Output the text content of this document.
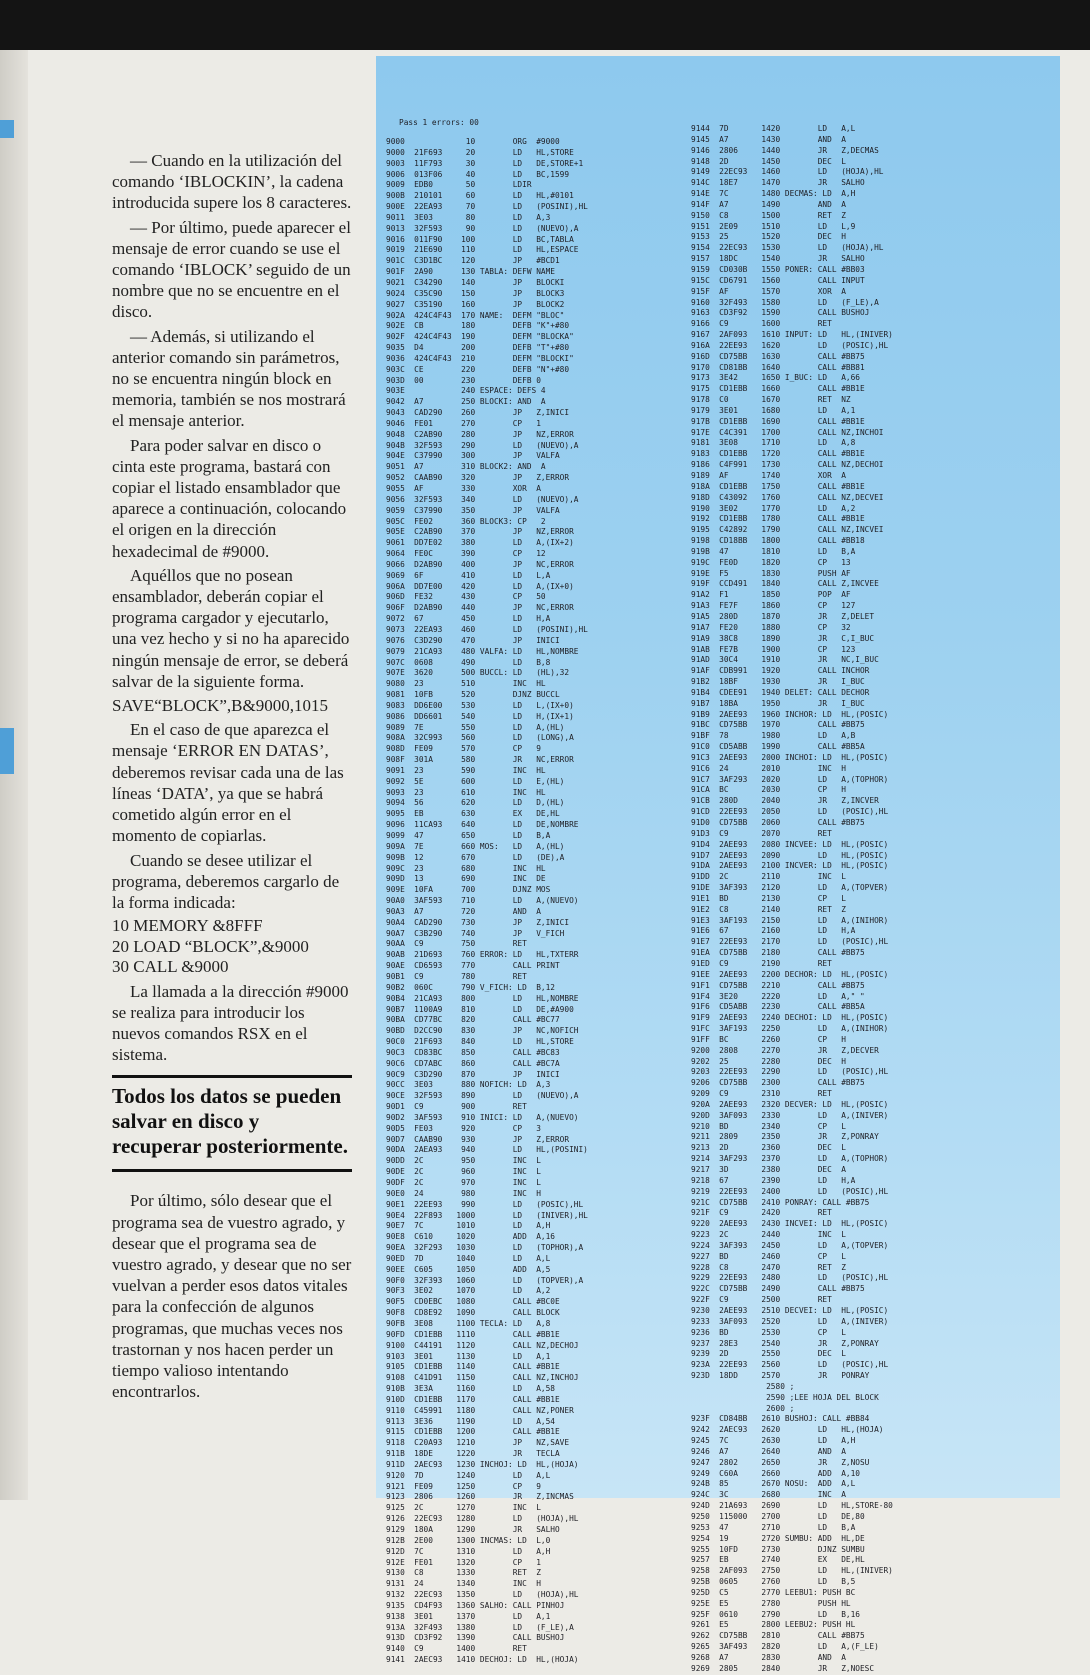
— Cuando en la utilización del comando ‘IBLOCKIN’, la cadena introducida supere los 8 caracteres.

— Por último, puede aparecer el mensaje de error cuando se use el comando ‘IBLOCK’ seguido de un nombre que no se encuentre en el disco.

— Además, si utilizando el anterior comando sin parámetros, no se encuentra ningún block en memoria, también se nos mostrará el mensaje anterior.

Para poder salvar en disco o cinta este programa, bastará con copiar el listado ensamblador que aparece a continuación, colocando el origen en la dirección hexadecimal de #9000.

Aquéllos que no posean ensamblador, deberán copiar el programa cargador y ejecutarlo, una vez hecho y si no ha aparecido ningún mensaje de error, se deberá salvar de la siguiente forma.

SAVE“BLOCK”,B&9000,1015

En el caso de que aparezca el mensaje ‘ERROR EN DATAS’, deberemos revisar cada una de las líneas ‘DATA’, ya que se habrá cometido algún error en el momento de copiarlas.

Cuando se desee utilizar el programa, deberemos cargarlo de la forma indicada:

10 MEMORY &8FFF
20 LOAD “BLOCK”,&9000
30 CALL &9000

La llamada a la dirección #9000 se realiza para introducir los nuevos comandos RSX en el sistema.

Todos los datos se pueden salvar en disco y recuperar posteriormente.

Por último, sólo desear que el programa sea de vuestro agrado, y desear que el programa sea de vuestro agrado, y desear que no ser vuelvan a perder esos datos vitales para la confección de algunos programas, que muchas veces nos trastornan y nos hacen perder un tiempo valioso intentando encontrarlos.

Pass 1 errors: 00
9000             10        ORG  #9000
9000  21F693     20        LD   HL,STORE
9003  11F793     30        LD   DE,STORE+1
9006  013F06     40        LD   BC,1599
9009  EDB0       50        LDIR
900B  210101     60        LD   HL,#0101
900E  22EA93     70        LD   (POSINI),HL
9011  3E03       80        LD   A,3
9013  32F593     90        LD   (NUEVO),A
9016  011F90    100        LD   BC,TABLA
9019  21E690    110        LD   HL,ESPACE
901C  C3D1BC    120        JP   #BCD1
901F  2A90      130 TABLA: DEFW NAME
9021  C34290    140        JP   BLOCKI
9024  C35C90    150        JP   BLOCK3
9027  C35190    160        JP   BLOCK2
902A  424C4F43  170 NAME:  DEFM "BLOC"
902E  CB        180        DEFB "K"+#80
902F  424C4F43  190        DEFM "BLOCKA"
9035  D4        200        DEFB "T"+#80
9036  424C4F43  210        DEFM "BLOCKI"
903C  CE        220        DEFB "N"+#80
903D  00        230        DEFB 0
903E            240 ESPACE: DEFS 4
9042  A7        250 BLOCKI: AND  A
9043  CAD290    260        JP   Z,INICI
9046  FE01      270        CP   1
9048  C2AB90    280        JP   NZ,ERROR
904B  32F593    290        LD   (NUEVO),A
904E  C37990    300        JP   VALFA
9051  A7        310 BLOCK2: AND  A
9052  CAAB90    320        JP   Z,ERROR
9055  AF        330        XOR  A
9056  32F593    340        LD   (NUEVO),A
9059  C37990    350        JP   VALFA
905C  FE02      360 BLOCK3: CP   2
905E  C2AB90    370        JP   NZ,ERROR
9061  DD7E02    380        LD   A,(IX+2)
9064  FE0C      390        CP   12
9066  D2AB90    400        JP   NC,ERROR
9069  6F        410        LD   L,A
906A  DD7E00    420        LD   A,(IX+0)
906D  FE32      430        CP   50
906F  D2AB90    440        JP   NC,ERROR
9072  67        450        LD   H,A
9073  22EA93    460        LD   (POSINI),HL
9076  C3D290    470        JP   INICI
9079  21CA93    480 VALFA: LD   HL,NOMBRE
907C  0608      490        LD   B,8
907E  3620      500 BUCCL: LD   (HL),32
9080  23        510        INC  HL
9081  10FB      520        DJNZ BUCCL
9083  DD6E00    530        LD   L,(IX+0)
9086  DD6601    540        LD   H,(IX+1)
9089  7E        550        LD   A,(HL)
908A  32C993    560        LD   (LONG),A
908D  FE09      570        CP   9
908F  301A      580        JR   NC,ERROR
9091  23        590        INC  HL
9092  5E        600        LD   E,(HL)
9093  23        610        INC  HL
9094  56        620        LD   D,(HL)
9095  EB        630        EX   DE,HL
9096  11CA93    640        LD   DE,NOMBRE
9099  47        650        LD   B,A
909A  7E        660 MOS:   LD   A,(HL)
909B  12        670        LD   (DE),A
909C  23        680        INC  HL
909D  13        690        INC  DE
909E  10FA      700        DJNZ MOS
90A0  3AF593    710        LD   A,(NUEVO)
90A3  A7        720        AND  A
90A4  CAD290    730        JP   Z,INICI
90A7  C3B290    740        JP   V_FICH
90AA  C9        750        RET
90AB  21D693    760 ERROR: LD   HL,TXTERR
90AE  CD6593    770        CALL PRINT
90B1  C9        780        RET
90B2  060C      790 V_FICH: LD  B,12
90B4  21CA93    800        LD   HL,NOMBRE
90B7  1100A9    810        LD   DE,#A900
90BA  CD77BC    820        CALL #BC77
90BD  D2CC90    830        JP   NC,NOFICH
90C0  21F693    840        LD   HL,STORE
90C3  CD83BC    850        CALL #BC83
90C6  CD7ABC    860        CALL #BC7A
90C9  C3D290    870        JP   INICI
90CC  3E03      880 NOFICH: LD  A,3
90CE  32F593    890        LD   (NUEVO),A
90D1  C9        900        RET
90D2  3AF593    910 INICI: LD   A,(NUEVO)
90D5  FE03      920        CP   3
90D7  CAAB90    930        JP   Z,ERROR
90DA  2AEA93    940        LD   HL,(POSINI)
90DD  2C        950        INC  L
90DE  2C        960        INC  L
90DF  2C        970        INC  L
90E0  24        980        INC  H
90E1  22EE93    990        LD   (POSIC),HL
90E4  22F893   1000        LD   (INIVER),HL
90E7  7C       1010        LD   A,H
90E8  C610     1020        ADD  A,16
90EA  32F293   1030        LD   (TOPHOR),A
90ED  7D       1040        LD   A,L
90EE  C605     1050        ADD  A,5
90F0  32F393   1060        LD   (TOPVER),A
90F3  3E02     1070        LD   A,2
90F5  CD0EBC   1080        CALL #BC0E
90F8  CD8E92   1090        CALL BLOCK
90FB  3E08     1100 TECLA: LD   A,8
90FD  CD1EBB   1110        CALL #BB1E
9100  C44191   1120        CALL NZ,DECHOJ
9103  3E01     1130        LD   A,1
9105  CD1EBB   1140        CALL #BB1E
9108  C41D91   1150        CALL NZ,INCHOJ
910B  3E3A     1160        LD   A,58
910D  CD1EBB   1170        CALL #BB1E
9110  C45991   1180        CALL NZ,PONER
9113  3E36     1190        LD   A,54
9115  CD1EBB   1200        CALL #BB1E
9118  C20A93   1210        JP   NZ,SAVE
911B  18DE     1220        JR   TECLA
911D  2AEC93   1230 INCHOJ: LD  HL,(HOJA)
9120  7D       1240        LD   A,L
9121  FE09     1250        CP   9
9123  2806     1260        JR   Z,INCMAS
9125  2C       1270        INC  L
9126  22EC93   1280        LD   (HOJA),HL
9129  180A     1290        JR   SALHO
912B  2E00     1300 INCMAS: LD  L,0
912D  7C       1310        LD   A,H
912E  FE01     1320        CP   1
9130  C8       1330        RET  Z
9131  24       1340        INC  H
9132  22EC93   1350        LD   (HOJA),HL
9135  CD4F93   1360 SALHO: CALL PINHOJ
9138  3E01     1370        LD   A,1
913A  32F493   1380        LD   (F_LE),A
913D  CD3F92   1390        CALL BUSHOJ
9140  C9       1400        RET
9141  2AEC93   1410 DECHOJ: LD  HL,(HOJA)
9144  7D       1420        LD   A,L
9145  A7       1430        AND  A
9146  2806     1440        JR   Z,DECMAS
9148  2D       1450        DEC  L
9149  22EC93   1460        LD   (HOJA),HL
914C  18E7     1470        JR   SALHO
914E  7C       1480 DECMAS: LD  A,H
914F  A7       1490        AND  A
9150  C8       1500        RET  Z
9151  2E09     1510        LD   L,9
9153  25       1520        DEC  H
9154  22EC93   1530        LD   (HOJA),HL
9157  18DC     1540        JR   SALHO
9159  CD030B   1550 PONER: CALL #BB03
915C  CD6791   1560        CALL INPUT
915F  AF       1570        XOR  A
9160  32F493   1580        LD   (F_LE),A
9163  CD3F92   1590        CALL BUSHOJ
9166  C9       1600        RET
9167  2AF093   1610 INPUT: LD   HL,(INIVER)
916A  22EE93   1620        LD   (POSIC),HL
916D  CD75BB   1630        CALL #BB75
9170  CD81BB   1640        CALL #BB81
9173  3E42     1650 I_BUC: LD   A,66
9175  CD1EBB   1660        CALL #BB1E
9178  C0       1670        RET  NZ
9179  3E01     1680        LD   A,1
917B  CD1EBB   1690        CALL #BB1E
917E  C4C391   1700        CALL NZ,INCHOI
9181  3E08     1710        LD   A,8
9183  CD1EBB   1720        CALL #BB1E
9186  C4F991   1730        CALL NZ,DECHOI
9189  AF       1740        XOR  A
918A  CD1EBB   1750        CALL #BB1E
918D  C43092   1760        CALL NZ,DECVEI
9190  3E02     1770        LD   A,2
9192  CD1EBB   1780        CALL #BB1E
9195  C42892   1790        CALL NZ,INCVEI
9198  CD18BB   1800        CALL #BB18
919B  47       1810        LD   B,A
919C  FE0D     1820        CP   13
919E  F5       1830        PUSH AF
919F  CCD491   1840        CALL Z,INCVEE
91A2  F1       1850        POP  AF
91A3  FE7F     1860        CP   127
91A5  280D     1870        JR   Z,DELET
91A7  FE20     1880        CP   32
91A9  38C8     1890        JR   C,I_BUC
91AB  FE7B     1900        CP   123
91AD  30C4     1910        JR   NC,I_BUC
91AF  CDB991   1920        CALL INCHOR
91B2  18BF     1930        JR   I_BUC
91B4  CDEE91   1940 DELET: CALL DECHOR
91B7  18BA     1950        JR   I_BUC
91B9  2AEE93   1960 INCHOR: LD  HL,(POSIC)
91BC  CD75BB   1970        CALL #BB75
91BF  78       1980        LD   A,B
91C0  CD5ABB   1990        CALL #BB5A
91C3  2AEE93   2000 INCHOI: LD  HL,(POSIC)
91C6  24       2010        INC  H
91C7  3AF293   2020        LD   A,(TOPHOR)
91CA  BC       2030        CP   H
91CB  280D     2040        JR   Z,INCVER
91CD  22EE93   2050        LD   (POSIC),HL
91D0  CD75BB   2060        CALL #BB75
91D3  C9       2070        RET
91D4  2AEE93   2080 INCVEE: LD  HL,(POSIC)
91D7  2AEE93   2090        LD   HL,(POSIC)
91DA  2AEE93   2100 INCVER: LD  HL,(POSIC)
91DD  2C       2110        INC  L
91DE  3AF393   2120        LD   A,(TOPVER)
91E1  BD       2130        CP   L
91E2  C8       2140        RET  Z
91E3  3AF193   2150        LD   A,(INIHOR)
91E6  67       2160        LD   H,A
91E7  22EE93   2170        LD   (POSIC),HL
91EA  CD75BB   2180        CALL #BB75
91ED  C9       2190        RET
91EE  2AEE93   2200 DECHOR: LD  HL,(POSIC)
91F1  CD75BB   2210        CALL #BB75
91F4  3E20     2220        LD   A," "
91F6  CD5ABB   2230        CALL #BB5A
91F9  2AEE93   2240 DECHOI: LD  HL,(POSIC)
91FC  3AF193   2250        LD   A,(INIHOR)
91FF  BC       2260        CP   H
9200  2808     2270        JR   Z,DECVER
9202  25       2280        DEC  H
9203  22EE93   2290        LD   (POSIC),HL
9206  CD75BB   2300        CALL #BB75
9209  C9       2310        RET
920A  2AEE93   2320 DECVER: LD  HL,(POSIC)
920D  3AF093   2330        LD   A,(INIVER)
9210  BD       2340        CP   L
9211  2809     2350        JR   Z,PONRAY
9213  2D       2360        DEC  L
9214  3AF293   2370        LD   A,(TOPHOR)
9217  3D       2380        DEC  A
9218  67       2390        LD   H,A
9219  22EE93   2400        LD   (POSIC),HL
921C  CD75BB   2410 PONRAY: CALL #BB75
921F  C9       2420        RET
9220  2AEE93   2430 INCVEI: LD  HL,(POSIC)
9223  2C       2440        INC  L
9224  3AF393   2450        LD   A,(TOPVER)
9227  BD       2460        CP   L
9228  C8       2470        RET  Z
9229  22EE93   2480        LD   (POSIC),HL
922C  CD75BB   2490        CALL #BB75
922F  C9       2500        RET
9230  2AEE93   2510 DECVEI: LD  HL,(POSIC)
9233  3AF093   2520        LD   A,(INIVER)
9236  BD       2530        CP   L
9237  28E3     2540        JR   Z,PONRAY
9239  2D       2550        DEC  L
923A  22EE93   2560        LD   (POSIC),HL
923D  18DD     2570        JR   PONRAY
2580 ;
2590 ;LEE HOJA DEL BLOCK
2600 ;
923F  CD84BB   2610 BUSHOJ: CALL #BB84
9242  2AEC93   2620        LD   HL,(HOJA)
9245  7C       2630        LD   A,H
9246  A7       2640        AND  A
9247  2802     2650        JR   Z,NOSU
9249  C60A     2660        ADD  A,10
924B  85       2670 NOSU:  ADD  A,L
924C  3C       2680        INC  A
924D  21A693   2690        LD   HL,STORE-80
9250  115000   2700        LD   DE,80
9253  47       2710        LD   B,A
9254  19       2720 SUMBU: ADD  HL,DE
9255  10FD     2730        DJNZ SUMBU
9257  EB       2740        EX   DE,HL
9258  2AF093   2750        LD   HL,(INIVER)
925B  0605     2760        LD   B,5
925D  C5       2770 LEEBU1: PUSH BC
925E  E5       2780        PUSH HL
925F  0610     2790        LD   B,16
9261  E5       2800 LEEBU2: PUSH HL
9262  CD75BB   2810        CALL #BB75
9265  3AF493   2820        LD   A,(F_LE)
9268  A7       2830        AND  A
9269  2805     2840        JR   Z,NOESC
